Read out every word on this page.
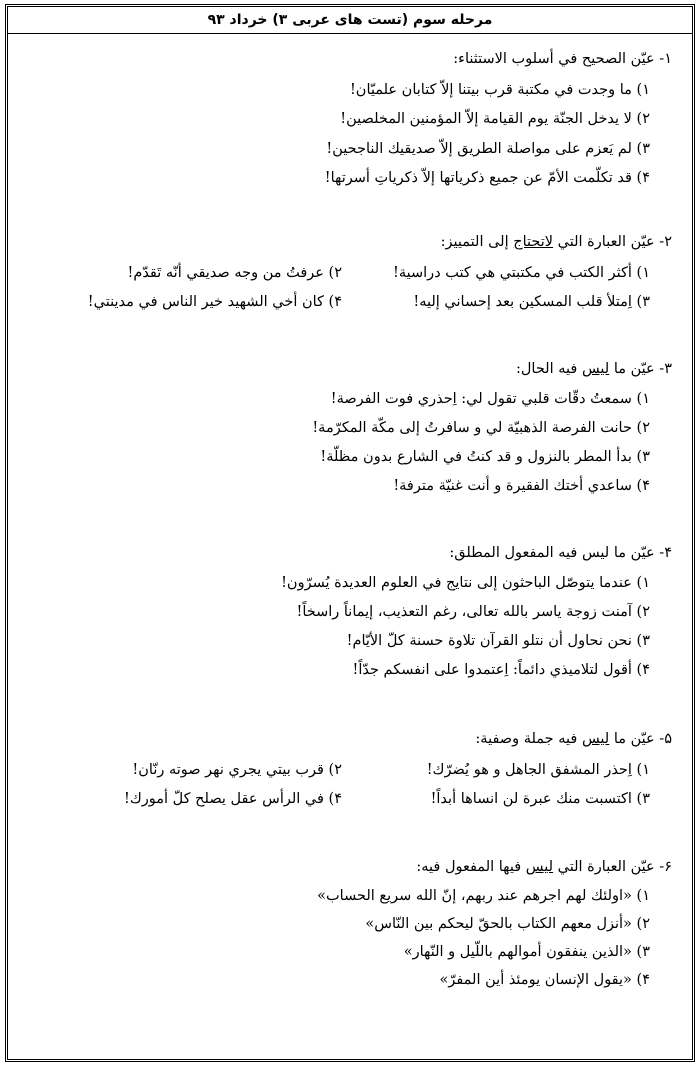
مرحله سوم (تست های عربی ۳) خرداد ۹۳
۱- عیّن الصحیح في أسلوب الاستثناء:
۱) ما وجدت في مكتبة قرب بيتنا إلاّ كتابان علميّان!
۲) لا يدخل الجنّة يوم القيامة إلاّ المؤمنين المخلصين!
۳) لم يَعزم على مواصلة الطريق إلاّ صديقيك الناجحين!
۴) قد تكلّمت الأمّ عن جميع ذكرياتها إلاّ ذكرياتِ أسرتها!
۲- عیّن العبارة التي لاتحتاج إلى التمييز:
۱) أكثر الكتب في مكتبتي هي كتب دراسية!
۲) عرفتُ من وجه صديقي أنّه تَقدّم!
۳) اِمتلأ قلب المسكين بعد إحساني إليه!
۴) كان أخي الشهيد خير الناس في مدينتي!
۳- عیّن ما ليس فيه الحال:
۱) سمعتُ دقّات قلبي تقول لي: اِحذري فوت الفرصة!
۲) حانت الفرصة الذهبيّة لي و سافرتُ إلى مكّة المكرّمة!
۳) بدأ المطر بالنزول و قد كنتُ في الشارع بدون مظلّة!
۴) ساعدي أختك الفقيرة و أنت غنيّة مترفة!
۴- عیّن ما ليس فيه المفعول المطلق:
۱) عندما يتوصّل الباحثون إلى نتايج في العلوم العديدة يُسرّون!
۲) آمنت زوجة ياسر بالله تعالى، رغم التعذيب، إيماناً راسخاً!
۳) نحن نحاول أن نتلو القرآن تلاوة حسنة كلّ الأيّام!
۴) أقول لتلاميذي دائماً: اِعتمدوا على انفسكم جدّاً!
۵- عیّن ما ليس فيه جملة وصفية:
۱) اِحذر المشفق الجاهل و هو يُضرّك!
۲) قرب بيتي يجري نهر صوته رنّان!
۳) اكتسبت منك عبرة لن انساها أبداً!
۴) في الرأس عقل يصلح كلّ أمورك!
۶- عیّن العبارة التي ليس فيها المفعول فيه:
۱) «اولئك لهم اجرهم عند ربهم، إنّ الله سريع الحساب»
۲) «أنزل معهم الكتاب بالحقّ ليحكم بين النّاس»
۳) «الذين ينفقون أموالهم باللّيل و النّهار»
۴) «يقول الإنسان يومئذ أين المفرّ»
